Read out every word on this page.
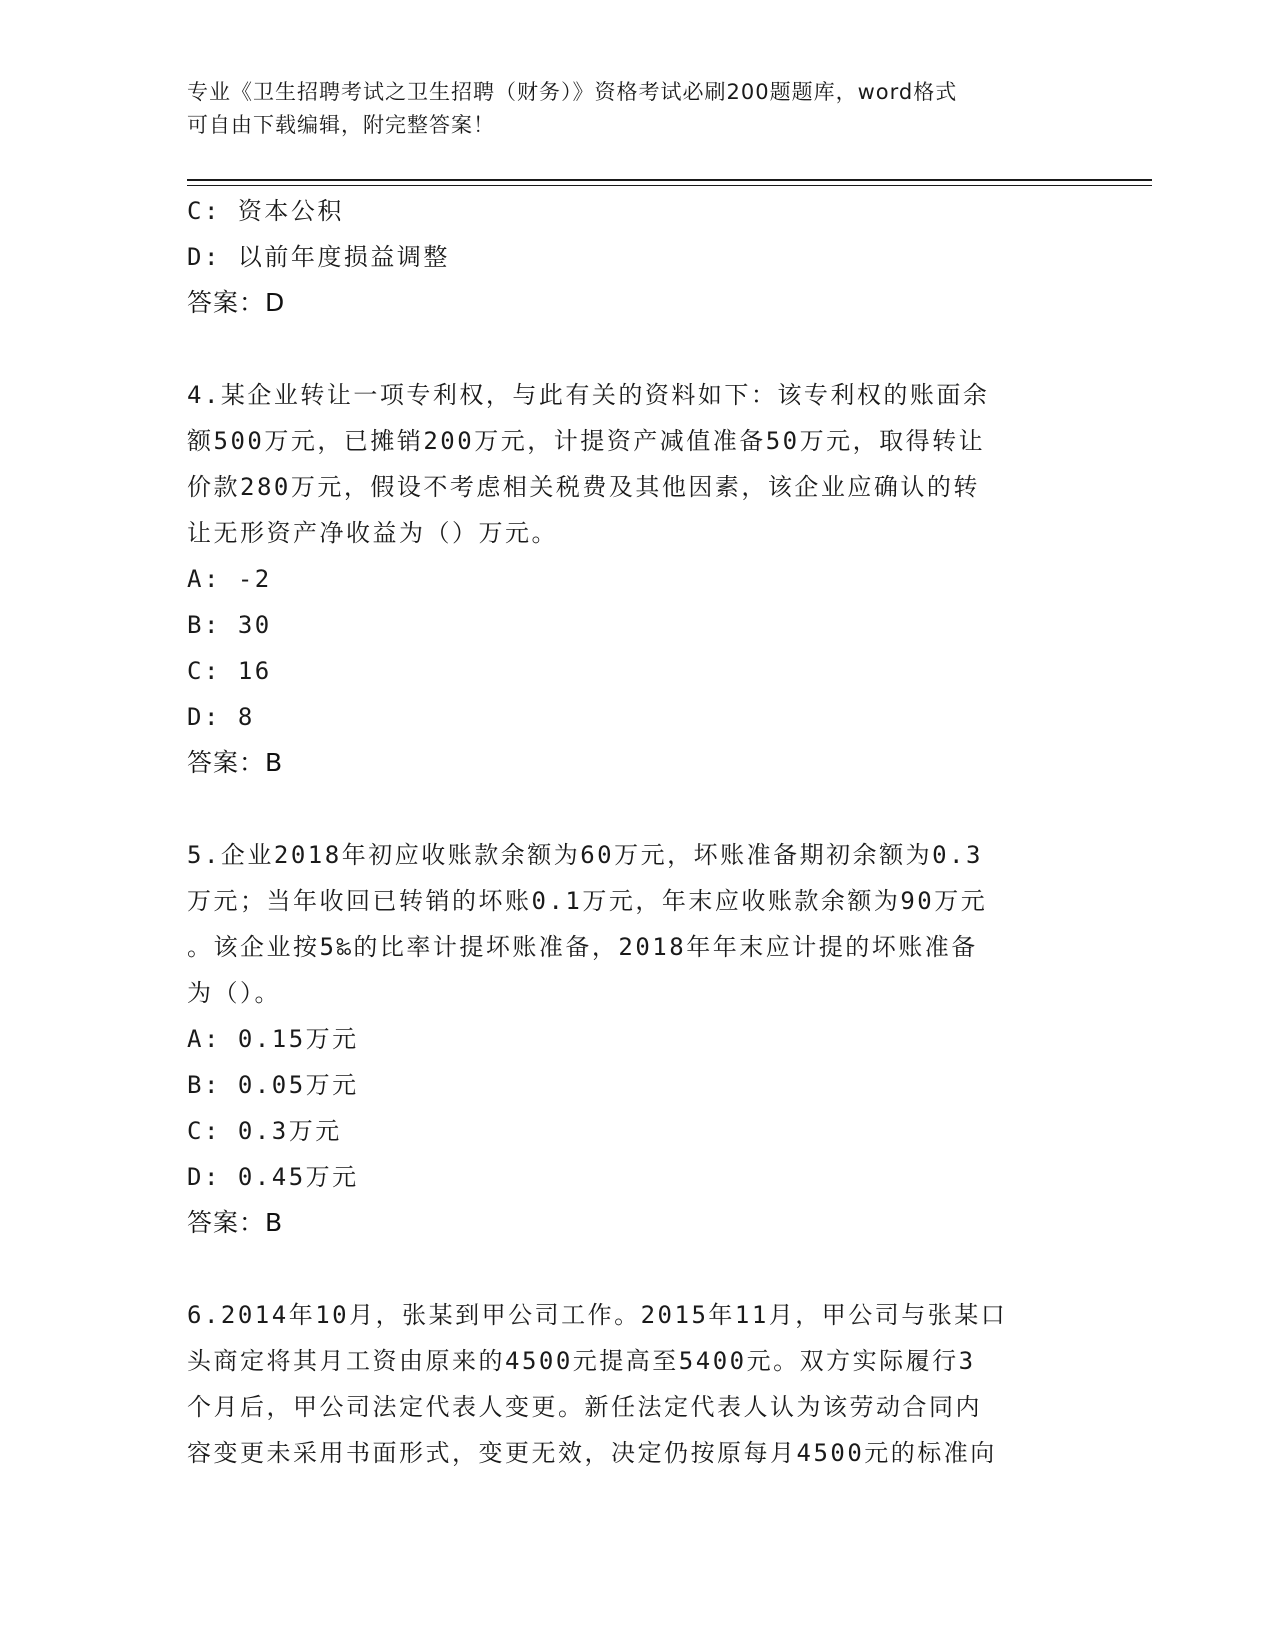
专业《卫生招聘考试之卫生招聘（财务）》资格考试必刷200题题库，word格式
可自由下载编辑，附完整答案！
C: 资本公积
D: 以前年度损益调整
答案：D
4.某企业转让一项专利权，与此有关的资料如下：该专利权的账面余
额500万元，已摊销200万元，计提资产减值准备50万元，取得转让
价款280万元，假设不考虑相关税费及其他因素，该企业应确认的转
让无形资产净收益为（）万元。
A: -2
B: 30
C: 16
D: 8
答案：B
5.企业2018年初应收账款余额为60万元，坏账准备期初余额为0.3
万元；当年收回已转销的坏账0.1万元，年末应收账款余额为90万元
。该企业按5‰的比率计提坏账准备，2018年年末应计提的坏账准备
为（）。
A: 0.15万元
B: 0.05万元
C: 0.3万元
D: 0.45万元
答案：B
6.2014年10月，张某到甲公司工作。2015年11月，甲公司与张某口
头商定将其月工资由原来的4500元提高至5400元。双方实际履行3
个月后，甲公司法定代表人变更。新任法定代表人认为该劳动合同内
容变更未采用书面形式，变更无效，决定仍按原每月4500元的标准向
